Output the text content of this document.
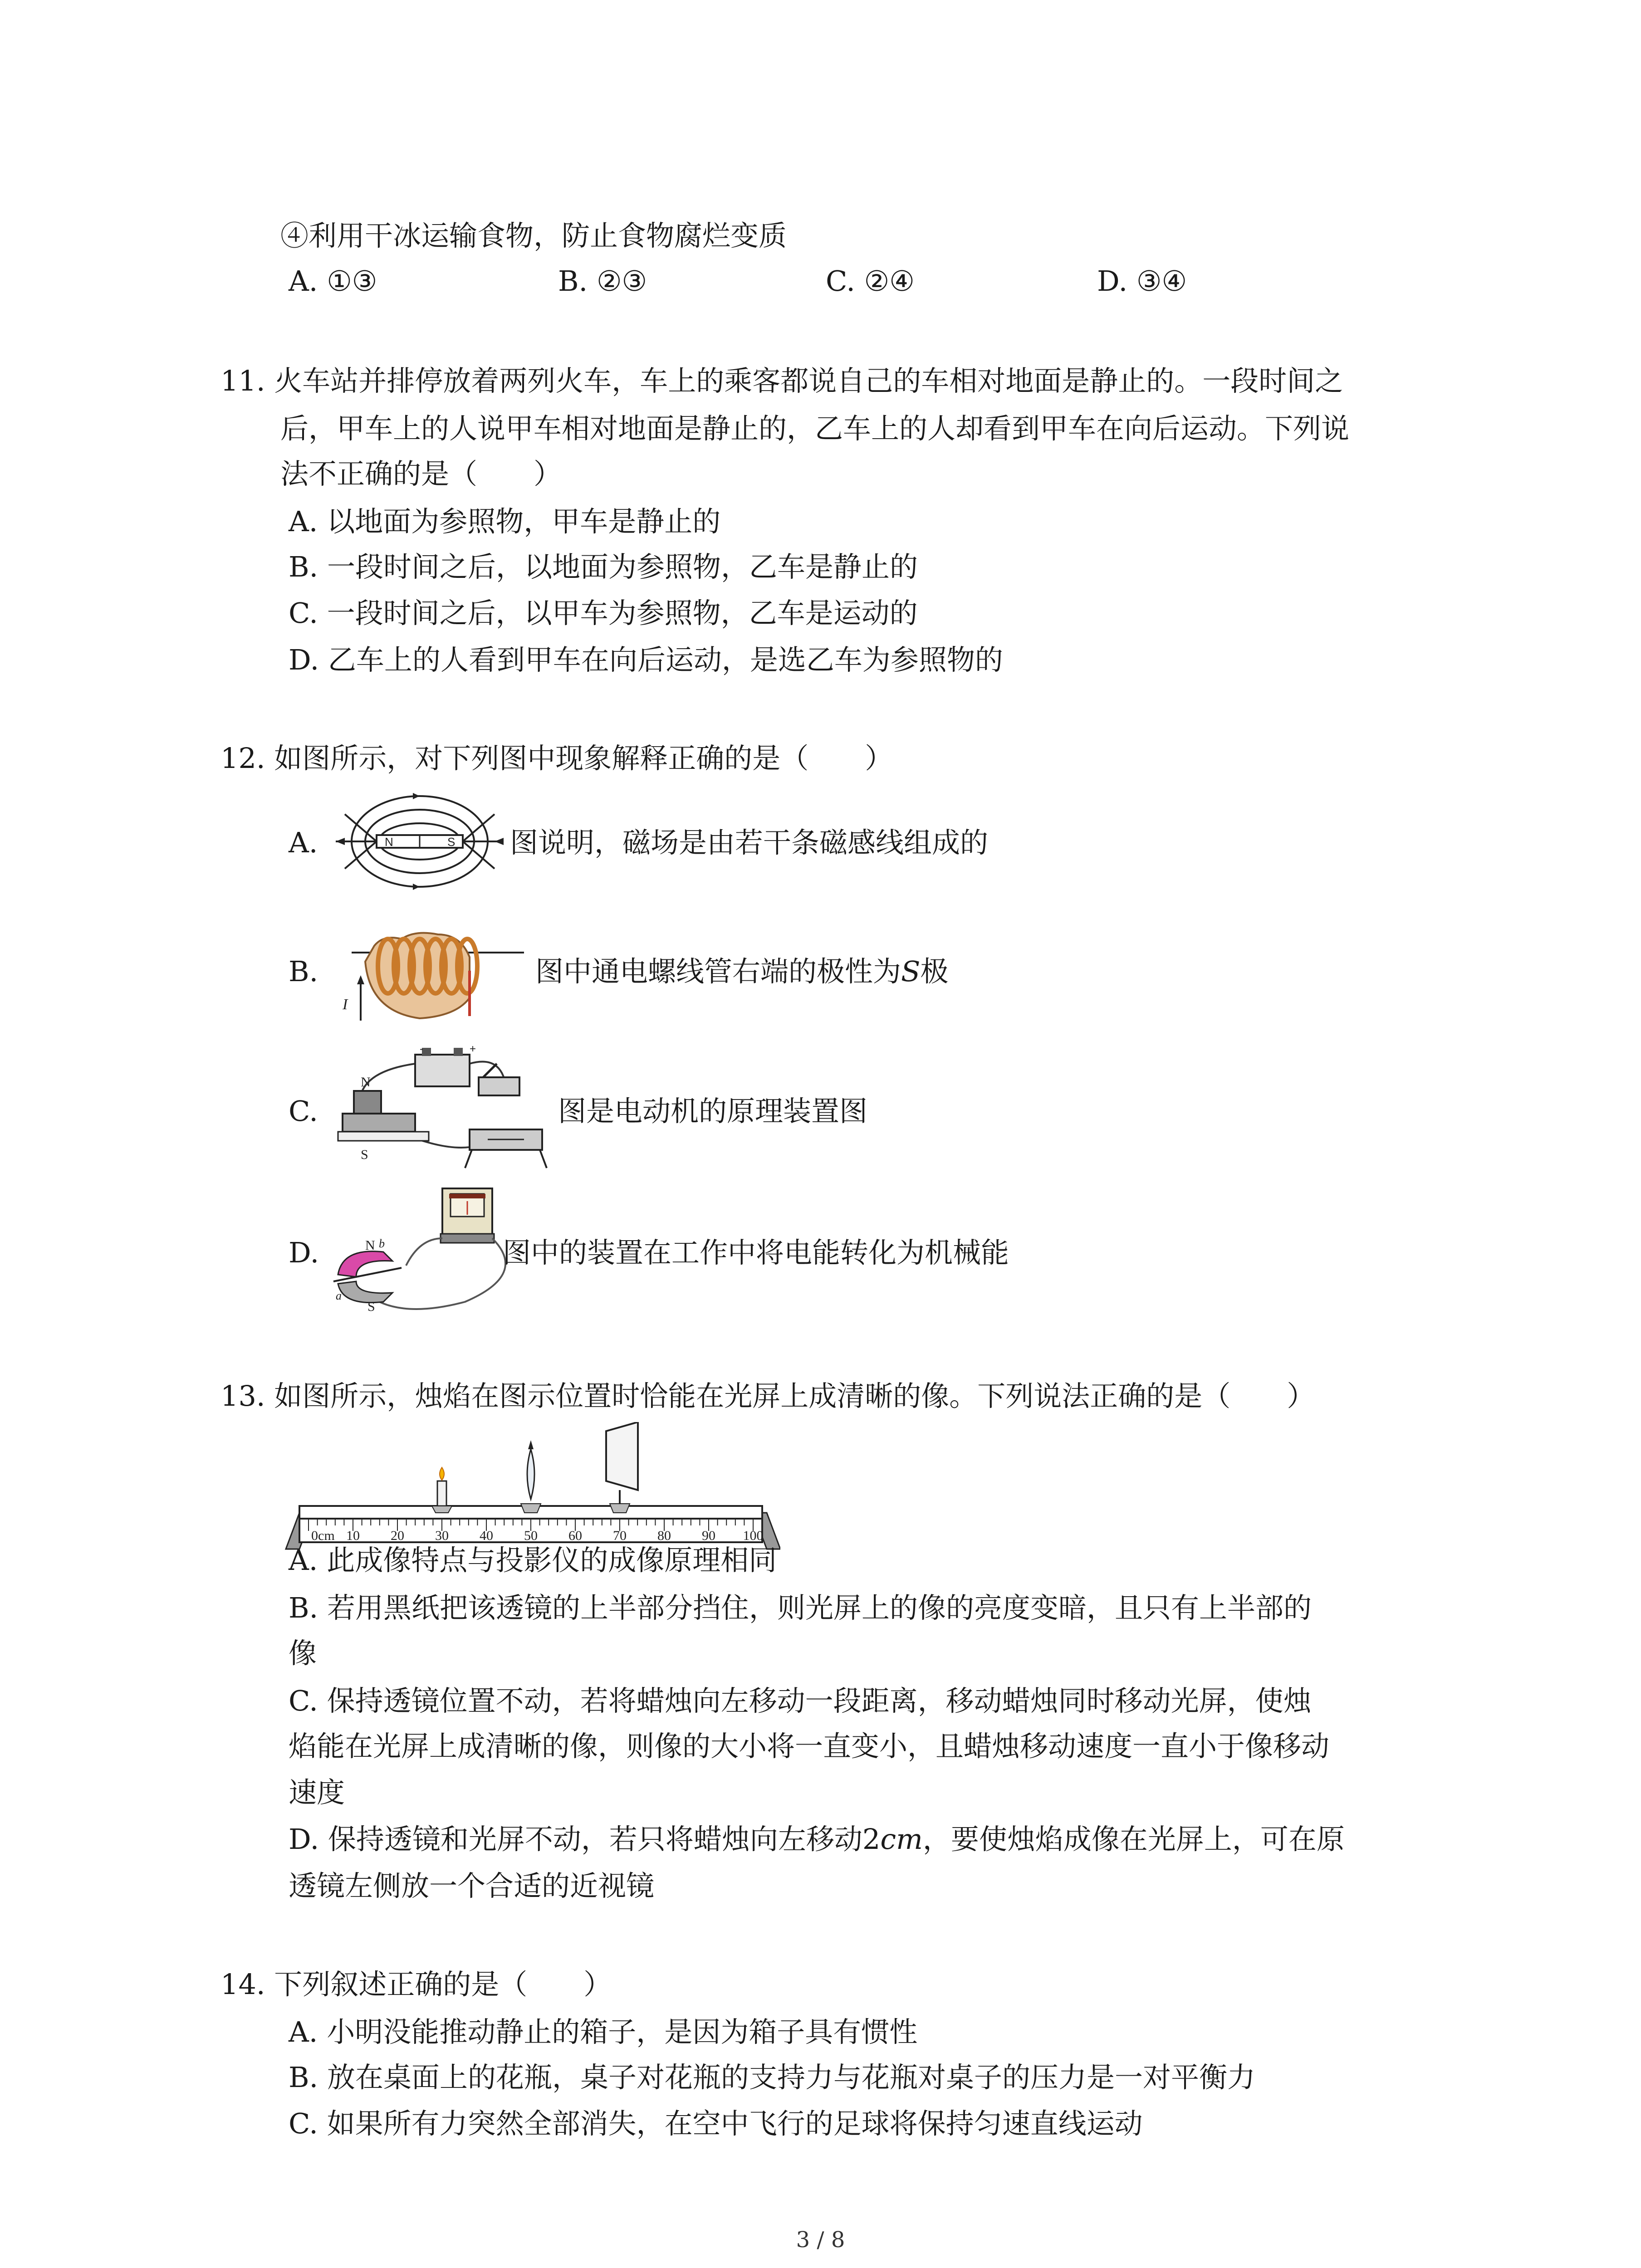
④利用干冰运输食物，防止食物腐烂变质
A. ①③	B. ②③	C. ②④	D. ③④
11. 火车站并排停放着两列火车，车上的乘客都说自己的车相对地面是静止的。一段时间之
后，甲车上的人说甲车相对地面是静止的，乙车上的人却看到甲车在向后运动。下列说
法不正确的是（　　）
A. 以地面为参照物，甲车是静止的
B. 一段时间之后，以地面为参照物，乙车是静止的
C. 一段时间之后，以甲车为参照物，乙车是运动的
D. 乙车上的人看到甲车在向后运动，是选乙车为参照物的
12. 如图所示，对下列图中现象解释正确的是（　　）
A.	N	S 图说明，磁场是由若干条磁感线组成的
B.
I
图中通电螺线管右端的极性为S极
C.
-	+
N
S
图是电动机的原理装置图
D.	N b
a
S
图中的装置在工作中将电能转化为机械能
13. 如图所示，烛焰在图示位置时恰能在光屏上成清晰的像。下列说法正确的是（　　）
0cm 10 20 30 40 50 60 70 80 90 100
A. 此成像特点与投影仪的成像原理相同
B. 若用黑纸把该透镜的上半部分挡住，则光屏上的像的亮度变暗，且只有上半部的
像
C. 保持透镜位置不动，若将蜡烛向左移动一段距离，移动蜡烛同时移动光屏，使烛
焰能在光屏上成清晰的像，则像的大小将一直变小，且蜡烛移动速度一直小于像移动
速度
D. 保持透镜和光屏不动，若只将蜡烛向左移动2cm，要使烛焰成像在光屏上，可在原
透镜左侧放一个合适的近视镜
14. 下列叙述正确的是（　　）
A. 小明没能推动静止的箱子，是因为箱子具有惯性
B. 放在桌面上的花瓶，桌子对花瓶的支持力与花瓶对桌子的压力是一对平衡力
C. 如果所有力突然全部消失，在空中飞行的足球将保持匀速直线运动
3 / 8
